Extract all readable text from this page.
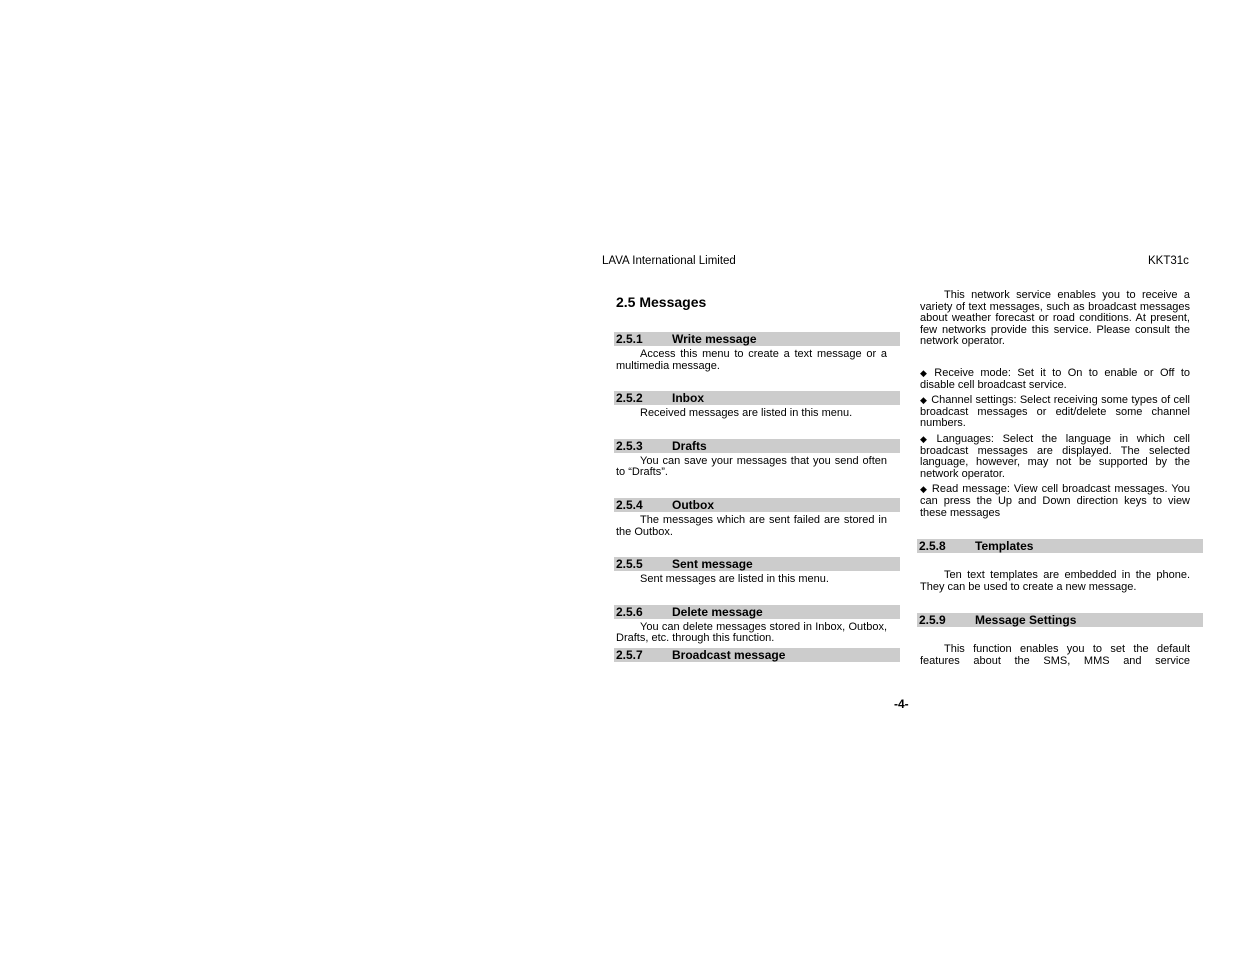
LAVA International Limited	KKT31c
2.5 Messages
2.5.1 Write message

Access this menu to create a text message or a multimedia message.

2.5.2 Inbox

Received messages are listed in this menu.

2.5.3 Drafts

You can save your messages that you send often to “Drafts”.

2.5.4 Outbox

The messages which are sent failed are stored in the Outbox.

2.5.5 Sent message

Sent messages are listed in this menu.

2.5.6 Delete message

You can delete messages stored in Inbox, Outbox, Drafts, etc. through this function.

2.5.7 Broadcast message

This network service enables you to receive a variety of text messages, such as broadcast messages about weather forecast or road conditions. At present, few networks provide this service. Please consult the network operator.

◆ Receive mode: Set it to On to enable or Off to disable cell broadcast service.

◆ Channel settings: Select receiving some types of cell broadcast messages or edit/delete some channel numbers.

◆ Languages: Select the language in which cell broadcast messages are displayed. The selected language, however, may not be supported by the network operator.

◆ Read message: View cell broadcast messages. You can press the Up and Down direction keys to view these messages

2.5.8 Templates

Ten text templates are embedded in the phone. They can be used to create a new message.

2.5.9 Message Settings

This function enables you to set the default features about the SMS, MMS and service

-4-
